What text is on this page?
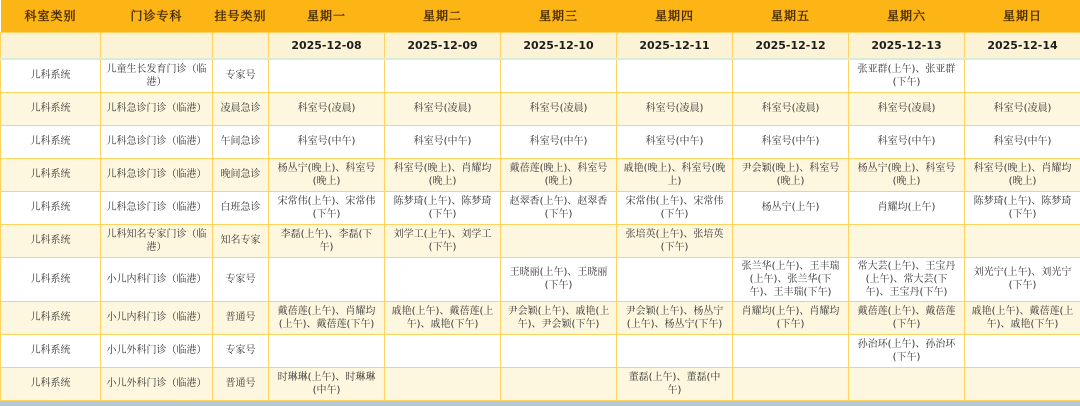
科室类别	门诊专科	挂号类别	星期一	星期二	星期三	星期四	星期五	星期六	星期日
			2025-12-08	2025-12-09	2025-12-10	2025-12-11	2025-12-12	2025-12-13	2025-12-14
儿科系统	儿童生长发育门诊（临港）	专家号						张亚群(上午)、张亚群(下午)	
儿科系统	儿科急诊门诊（临港）	凌晨急诊	科室号(凌晨)	科室号(凌晨)	科室号(凌晨)	科室号(凌晨)	科室号(凌晨)	科室号(凌晨)	科室号(凌晨)
儿科系统	儿科急诊门诊（临港）	午间急诊	科室号(中午)	科室号(中午)	科室号(中午)	科室号(中午)	科室号(中午)	科室号(中午)	科室号(中午)
儿科系统	儿科急诊门诊（临港）	晚间急诊	杨丛宁(晚上)、科室号(晚上)	科室号(晚上)、肖耀均(晚上)	戴蓓莲(晚上)、科室号(晚上)	戚艳(晚上)、科室号(晚上)	尹会颖(晚上)、科室号(晚上)	杨丛宁(晚上)、科室号(晚上)	科室号(晚上)、肖耀均(晚上)
儿科系统	儿科急诊门诊（临港）	白班急诊	宋常伟(上午)、宋常伟(下午)	陈梦琦(上午)、陈梦琦(下午)	赵翠香(上午)、赵翠香(下午)	宋常伟(上午)、宋常伟(下午)	杨丛宁(上午)	肖耀均(上午)	陈梦琦(上午)、陈梦琦(下午)
儿科系统	儿科知名专家门诊（临港）	知名专家	李磊(上午)、李磊(下午)	刘学工(上午)、刘学工(下午)		张培英(上午)、张培英(下午)			
儿科系统	小儿内科门诊（临港）	专家号			王晓丽(上午)、王晓丽(下午)		张兰华(上午)、王丰瑞(上午)、张兰华(下午)、王丰瑞(下午)	常大芸(上午)、王宝丹(上午)、常大芸(下午)、王宝丹(下午)	刘光宁(上午)、刘光宁(下午)
儿科系统	小儿内科门诊（临港）	普通号	戴蓓莲(上午)、肖耀均(上午)、戴蓓莲(下午)	戚艳(上午)、戴蓓莲(上午)、戚艳(下午)	尹会颖(上午)、戚艳(上午)、尹会颖(下午)	尹会颖(上午)、杨丛宁(上午)、杨丛宁(下午)	肖耀均(上午)、肖耀均(下午)	戴蓓莲(上午)、戴蓓莲(下午)	戚艳(上午)、戴蓓莲(上午)、戚艳(下午)
儿科系统	小儿外科门诊（临港）	专家号						孙治环(上午)、孙治环(下午)	
儿科系统	小儿外科门诊（临港）	普通号	时琳琳(上午)、时琳琳(中午)			董磊(上午)、董磊(中午)			
